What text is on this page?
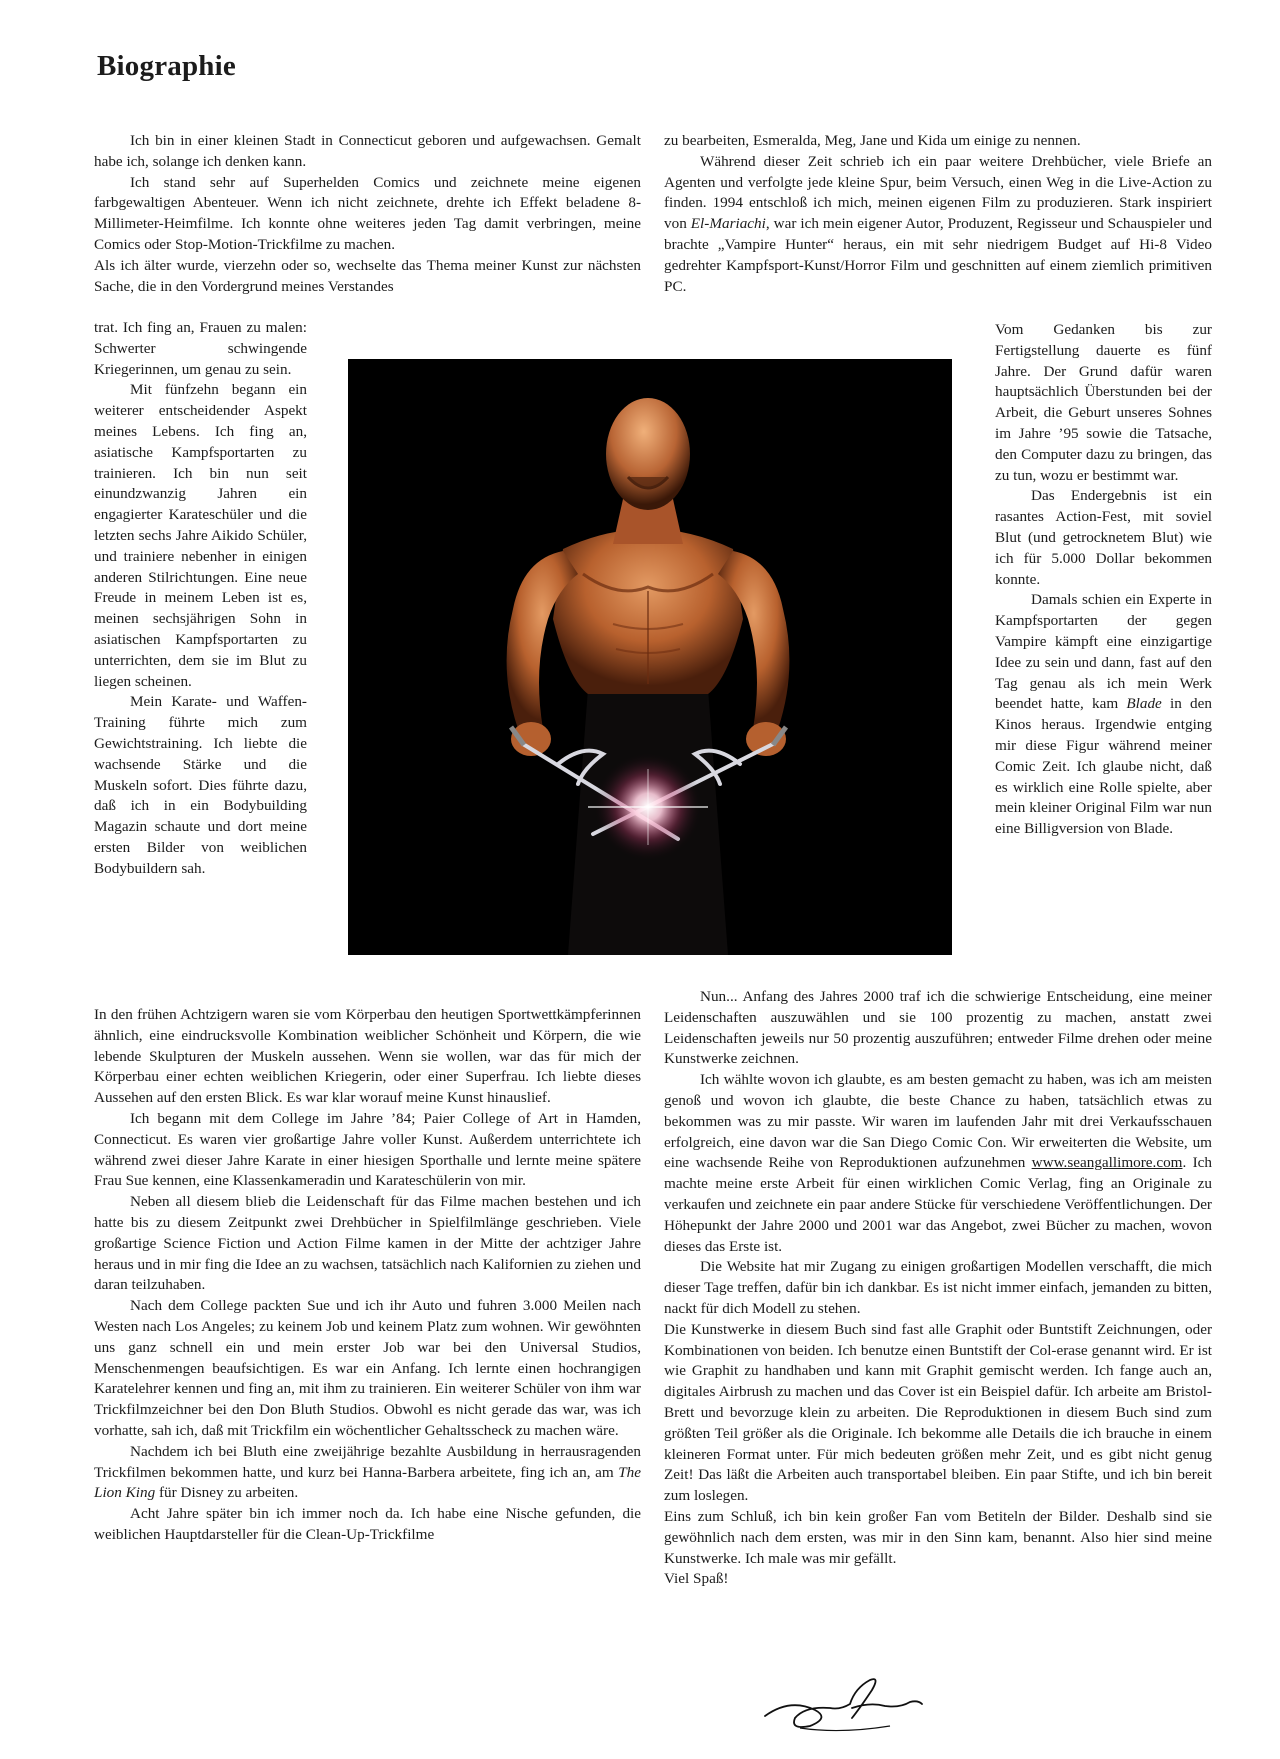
Biographie

Ich bin in einer kleinen Stadt in Connecticut geboren und aufgewachsen. Gemalt habe ich, solange ich denken kann.

Ich stand sehr auf Superhelden Comics und zeichnete meine eigenen farbgewaltigen Abenteuer. Wenn ich nicht zeichnete, drehte ich Effekt beladene 8-Millimeter-Heimfilme. Ich konnte ohne weiteres jeden Tag damit verbringen, meine Comics oder Stop-Motion-Trickfilme zu machen.

Als ich älter wurde, vierzehn oder so, wechselte das Thema meiner Kunst zur nächsten Sache, die in den Vordergrund meines Verstandes

trat. Ich fing an, Frauen zu malen: Schwerter schwingende Kriegerinnen, um genau zu sein.

Mit fünfzehn begann ein weiterer entscheidender Aspekt meines Lebens. Ich fing an, asiatische Kampfsportarten zu trainieren. Ich bin nun seit einundzwanzig Jahren ein engagierter Karateschüler und die letzten sechs Jahre Aikido Schüler, und trainiere nebenher in einigen anderen Stilrichtungen. Eine neue Freude in meinem Leben ist es, meinen sechsjährigen Sohn in asiatischen Kampfsportarten zu unterrichten, dem sie im Blut zu liegen scheinen.

Mein Karate- und Waffen- Training führte mich zum Gewichtstraining. Ich liebte die wachsende Stärke und die Muskeln sofort. Dies führte dazu, daß ich in ein Bodybuilding Magazin schaute und dort meine ersten Bilder von weiblichen Bodybuildern sah.

In den frühen Achtzigern waren sie vom Körperbau den heutigen Sportwettkämpferinnen ähnlich, eine eindrucksvolle Kombination weiblicher Schönheit und Körpern, die wie lebende Skulpturen der Muskeln aussehen. Wenn sie wollen, war das für mich der Körperbau einer echten weiblichen Kriegerin, oder einer Superfrau. Ich liebte dieses Aussehen auf den ersten Blick. Es war klar worauf meine Kunst hinauslief.

Ich begann mit dem College im Jahre ’84; Paier College of Art in Hamden, Connecticut. Es waren vier großartige Jahre voller Kunst. Außerdem unterrichtete ich während zwei dieser Jahre Karate in einer hiesigen Sporthalle und lernte meine spätere Frau Sue kennen, eine Klassenkameradin und Karateschülerin von mir.

Neben all diesem blieb die Leidenschaft für das Filme machen bestehen und ich hatte bis zu diesem Zeitpunkt zwei Drehbücher in Spielfilmlänge geschrieben. Viele großartige Science Fiction und Action Filme kamen in der Mitte der achtziger Jahre heraus und in mir fing die Idee an zu wachsen, tatsächlich nach Kalifornien zu ziehen und daran teilzuhaben.

Nach dem College packten Sue und ich ihr Auto und fuhren 3.000 Meilen nach Westen nach Los Angeles; zu keinem Job und keinem Platz zum wohnen. Wir gewöhnten uns ganz schnell ein und mein erster Job war bei den Universal Studios, Menschenmengen beaufsichtigen. Es war ein Anfang. Ich lernte einen hochrangigen Karatelehrer kennen und fing an, mit ihm zu trainieren. Ein weiterer Schüler von ihm war Trickfilmzeichner bei den Don Bluth Studios. Obwohl es nicht gerade das war, was ich vorhatte, sah ich, daß mit Trickfilm ein wöchentlicher Gehaltsscheck zu machen wäre.

Nachdem ich bei Bluth eine zweijährige bezahlte Ausbildung in herrausragenden Trickfilmen bekommen hatte, und kurz bei Hanna-Barbera arbeitete, fing ich an, am The Lion King für Disney zu arbeiten.

Acht Jahre später bin ich immer noch da. Ich habe eine Nische gefunden, die weiblichen Hauptdarsteller für die Clean-Up-Trickfilme

zu bearbeiten, Esmeralda, Meg, Jane und Kida um einige zu nennen.

Während dieser Zeit schrieb ich ein paar weitere Drehbücher, viele Briefe an Agenten und verfolgte jede kleine Spur, beim Versuch, einen Weg in die Live-Action zu finden. 1994 entschloß ich mich, meinen eigenen Film zu produzieren. Stark inspiriert von El-Mariachi, war ich mein eigener Autor, Produzent, Regisseur und Schauspieler und brachte „Vampire Hunter“ heraus, ein mit sehr niedrigem Budget auf Hi-8 Video gedrehter Kampfsport-Kunst/Horror Film und geschnitten auf einem ziemlich primitiven PC.

Vom Gedanken bis zur Fertigstellung dauerte es fünf Jahre. Der Grund dafür waren hauptsächlich Überstunden bei der Arbeit, die Geburt unseres Sohnes im Jahre ’95 sowie die Tatsache, den Computer dazu zu bringen, das zu tun, wozu er bestimmt war.

Das Endergebnis ist ein rasantes Action-Fest, mit soviel Blut (und getrocknetem Blut) wie ich für 5.000 Dollar bekommen konnte.

Damals schien ein Experte in Kampfsportarten der gegen Vampire kämpft eine einzigartige Idee zu sein und dann, fast auf den Tag genau als ich mein Werk beendet hatte, kam Blade in den Kinos heraus. Irgendwie entging mir diese Figur während meiner Comic Zeit. Ich glaube nicht, daß es wirklich eine Rolle spielte, aber mein kleiner Original Film war nun eine Billigversion von Blade.

Nun... Anfang des Jahres 2000 traf ich die schwierige Entscheidung, eine meiner Leidenschaften auszuwählen und sie 100 prozentig zu machen, anstatt zwei Leidenschaften jeweils nur 50 prozentig auszuführen; entweder Filme drehen oder meine Kunstwerke zeichnen.

Ich wählte wovon ich glaubte, es am besten gemacht zu haben, was ich am meisten genoß und wovon ich glaubte, die beste Chance zu haben, tatsächlich etwas zu bekommen was zu mir passte. Wir waren im laufenden Jahr mit drei Verkaufsschauen erfolgreich, eine davon war die San Diego Comic Con. Wir erweiterten die Website, um eine wachsende Reihe von Reproduktionen aufzunehmen www.seangallimore.com. Ich machte meine erste Arbeit für einen wirklichen Comic Verlag, fing an Originale zu verkaufen und zeichnete ein paar andere Stücke für verschiedene Veröffentlichungen. Der Höhepunkt der Jahre 2000 und 2001 war das Angebot, zwei Bücher zu machen, wovon dieses das Erste ist.

Die Website hat mir Zugang zu einigen großartigen Modellen verschafft, die mich dieser Tage treffen, dafür bin ich dankbar. Es ist nicht immer einfach, jemanden zu bitten, nackt für dich Modell zu stehen.

Die Kunstwerke in diesem Buch sind fast alle Graphit oder Buntstift Zeichnungen, oder Kombinationen von beiden. Ich benutze einen Buntstift der Col-erase genannt wird. Er ist wie Graphit zu handhaben und kann mit Graphit gemischt werden. Ich fange auch an, digitales Airbrush zu machen und das Cover ist ein Beispiel dafür. Ich arbeite am Bristol-Brett und bevorzuge klein zu arbeiten. Die Reproduktionen in diesem Buch sind zum größten Teil größer als die Originale. Ich bekomme alle Details die ich brauche in einem kleineren Format unter. Für mich bedeuten größen mehr Zeit, und es gibt nicht genug Zeit! Das läßt die Arbeiten auch transportabel bleiben. Ein paar Stifte, und ich bin bereit zum loslegen.

Eins zum Schluß, ich bin kein großer Fan vom Betiteln der Bilder. Deshalb sind sie gewöhnlich nach dem ersten, was mir in den Sinn kam, benannt. Also hier sind meine Kunstwerke. Ich male was mir gefällt.

Viel Spaß!
